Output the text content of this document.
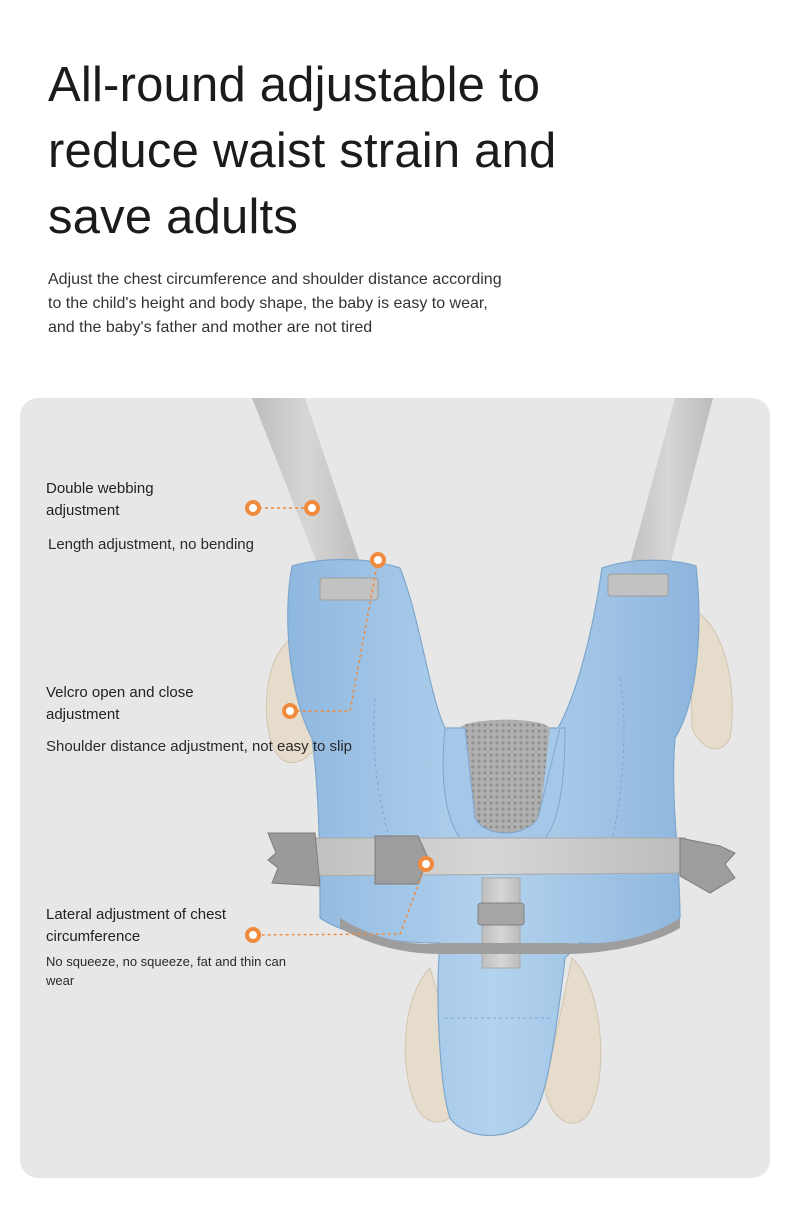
All-round adjustable to reduce waist strain and save adults

Adjust the chest circumference and shoulder distance according to the child's height and body shape, the baby is easy to wear, and the baby's father and mother are not tired

Double webbing adjustment

Length adjustment, no bending

Velcro open and close adjustment

Shoulder distance adjustment, not easy to slip

Lateral adjustment of chest circumference

No squeeze, no squeeze, fat and thin can wear
